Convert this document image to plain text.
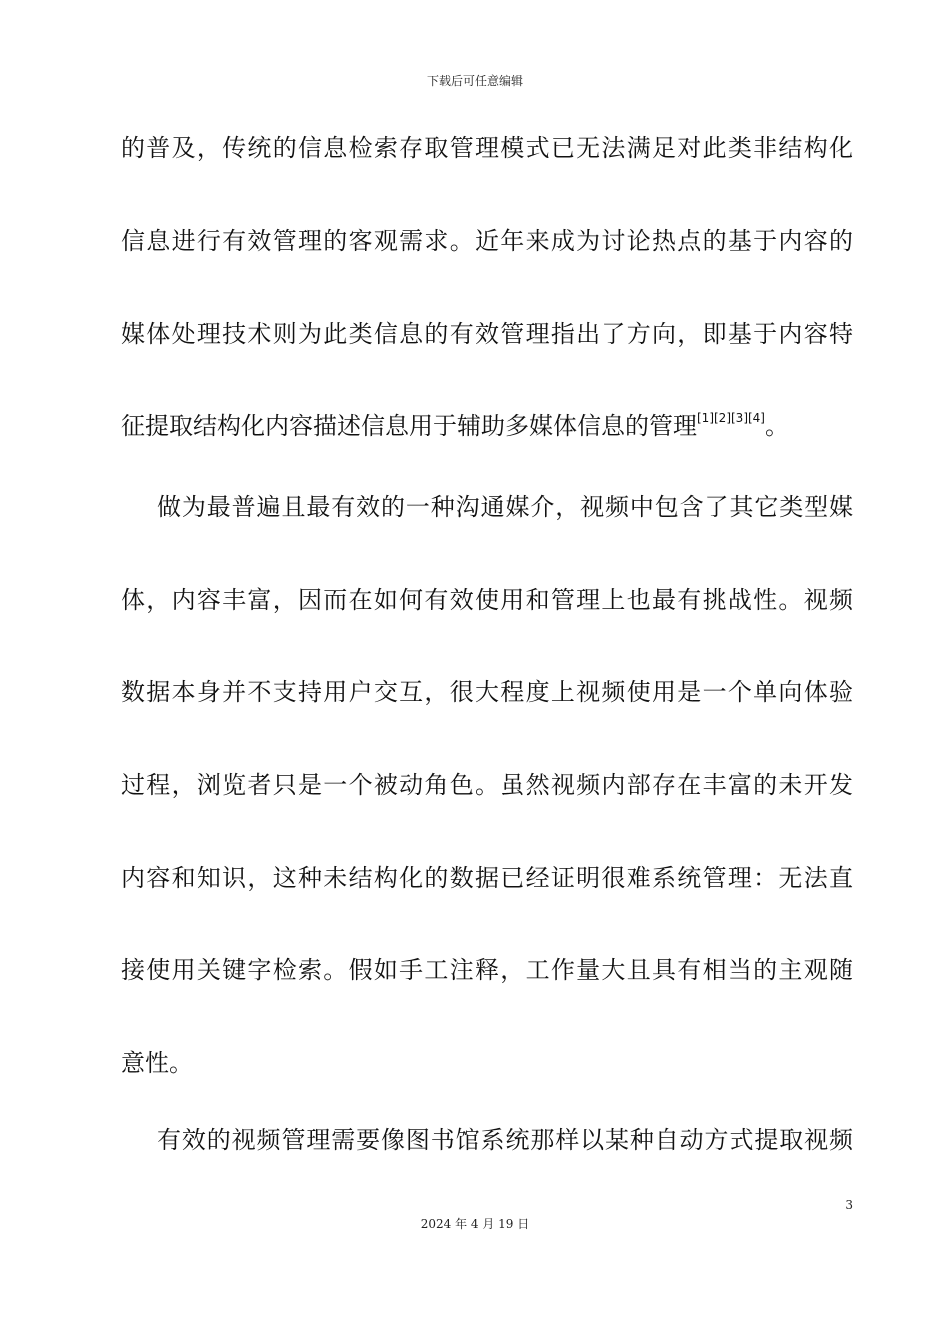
下载后可任意编辑
的普及，传统的信息检索存取管理模式已无法满足对此类非结构化
信息进行有效管理的客观需求。近年来成为讨论热点的基于内容的
媒体处理技术则为此类信息的有效管理指出了方向，即基于内容特
征提取结构化内容描述信息用于辅助多媒体信息的管理[1][2][3][4]。
做为最普遍且最有效的一种沟通媒介，视频中包含了其它类型媒
体，内容丰富，因而在如何有效使用和管理上也最有挑战性。视频
数据本身并不支持用户交互，很大程度上视频使用是一个单向体验
过程，浏览者只是一个被动角色。虽然视频内部存在丰富的未开发
内容和知识，这种未结构化的数据已经证明很难系统管理：无法直
接使用关键字检索。假如手工注释，工作量大且具有相当的主观随
意性。
有效的视频管理需要像图书馆系统那样以某种自动方式提取视频
3
2024 年 4 月 19 日
